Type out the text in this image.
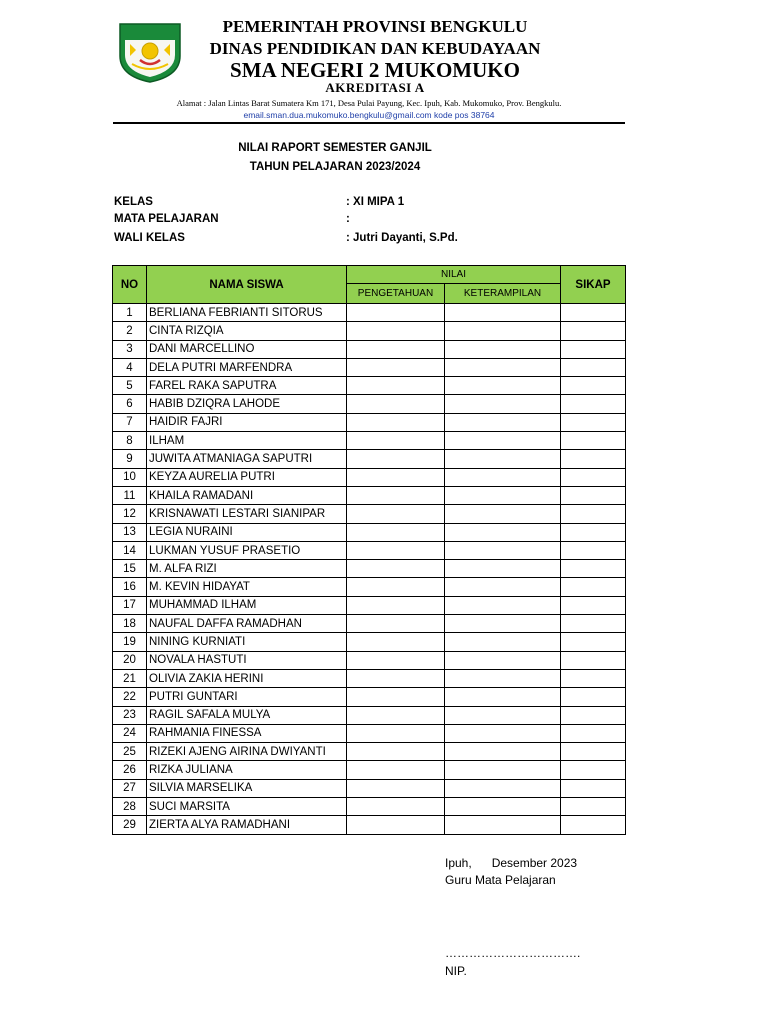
PEMERINTAH PROVINSI BENGKULU
DINAS PENDIDIKAN DAN KEBUDAYAAN
SMA NEGERI 2 MUKOMUKO
AKREDITASI A
Alamat : Jalan Lintas Barat Sumatera Km 171, Desa Pulai Payung, Kec. Ipuh, Kab. Mukomuko, Prov. Bengkulu.
email.sman.dua.mukomuko.bengkulu@gmail.com kode pos 38764
NILAI RAPORT SEMESTER GANJIL
TAHUN PELAJARAN 2023/2024
KELAS	: XI MIPA 1
MATA PELAJARAN	:
WALI KELAS	: Jutri Dayanti, S.Pd.
NO	NAMA SISWA	NILAI		SIKAP
		PENGETAHUAN	KETERAMPILAN	
1	BERLIANA FEBRIANTI SITORUS			
2	CINTA RIZQIA			
3	DANI MARCELLINO			
4	DELA PUTRI MARFENDRA			
5	FAREL RAKA SAPUTRA			
6	HABIB DZIQRA LAHODE			
7	HAIDIR FAJRI			
8	ILHAM			
9	JUWITA ATMANIAGA SAPUTRI			
10	KEYZA AURELIA PUTRI			
11	KHAILA RAMADANI			
12	KRISNAWATI LESTARI SIANIPAR			
13	LEGIA NURAINI			
14	LUKMAN YUSUF PRASETIO			
15	M. ALFA RIZI			
16	M. KEVIN HIDAYAT			
17	MUHAMMAD ILHAM			
18	NAUFAL DAFFA RAMADHAN			
19	NINING KURNIATI			
20	NOVALA HASTUTI			
21	OLIVIA ZAKIA HERINI			
22	PUTRI GUNTARI			
23	RAGIL SAFALA MULYA			
24	RAHMANIA FINESSA			
25	RIZEKI AJENG AIRINA DWIYANTI			
26	RIZKA JULIANA			
27	SILVIA MARSELIKA			
28	SUCI MARSITA			
29	ZIERTA ALYA RAMADHANI			
Ipuh,      Desember 2023
Guru Mata Pelajaran
…………………………….
NIP.
